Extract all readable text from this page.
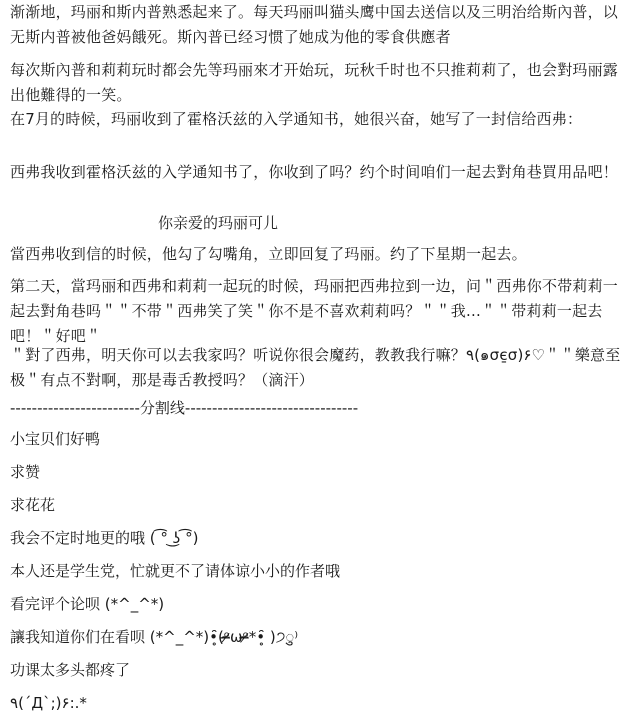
渐渐地，玛丽和斯内普熟悉起来了。每天玛丽叫猫头鹰中国去送信以及三明治给斯內普，以无斯内普被他爸妈餓死。斯內普已经习惯了她成为他的零食供應者
每次斯內普和莉莉玩时都会先等玛丽來才开始玩，玩秋千时也不只推莉莉了，也会對玛丽露出他難得的一笑。
在7月的時候，玛丽收到了霍格沃兹的入学通知书，她很兴奋，她写了一封信给西弗：
西弗我收到霍格沃兹的入学通知书了，你收到了吗？约个时间咱们一起去對角巷買用品吧！
你亲爱的玛丽可儿
當西弗收到信的时候，他勾了勾嘴角，立即回复了玛丽。约了下星期一起去。
第二天，當玛丽和西弗和莉莉一起玩的时候，玛丽把西弗拉到一边，问＂西弗你不带莉莉一起去對角巷吗＂＂不带＂西弗笑了笑＂你不是不喜欢莉莉吗？＂＂我...＂＂带莉莉一起去吧！＂好吧＂
＂對了西弗，明天你可以去我家吗？听说你很会魔药，教教我行嘛？٩(๑σє̱σ)۶♡＂＂樂意至极＂有点不對啊，那是毒舌教授吗？（滴汗）
------------------------分割线--------------------------------
小宝贝们好鸭
求赞
求花花
我会不定时地更的哦 ( ͡° ͜ʖ ͡°)
本人还是学生党，忙就更不了请体谅小小的作者哦
看完评个论呗 (*^_^*)
讓我知道你们在看呗 (*^_^*)•̥̑(ᵒ̴̶̷ωᵒ̴̶̷*•̥̑ )੭ु⁾
功课太多头都疼了
٩(´Д`;)۶:.*
